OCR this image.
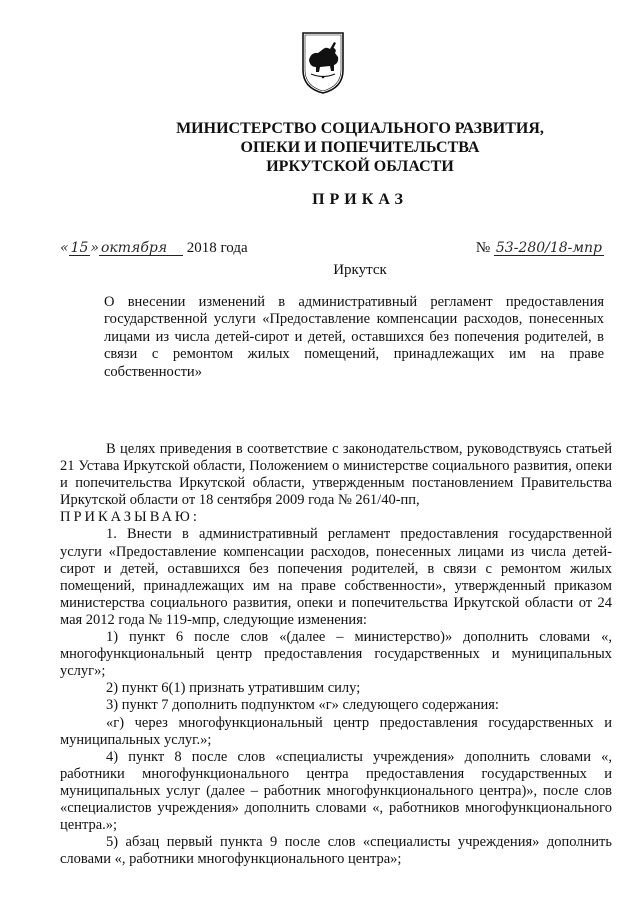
МИНИСТЕРСТВО СОЦИАЛЬНОГО РАЗВИТИЯ,
ОПЕКИ И ПОПЕЧИТЕЛЬСТВА
ИРКУТСКОЙ ОБЛАСТИ
ПРИКАЗ
« 15 » октября 2018 года	№ 53-280/18-мпр
Иркутск
О внесении изменений в административный регламент предоставления государственной услуги «Предоставление компенсации расходов, понесенных лицами из числа детей-сирот и детей, оставшихся без попечения родителей, в связи с ремонтом жилых помещений, принадлежащих им на праве собственности»

В целях приведения в соответствие с законодательством, руководствуясь статьей 21 Устава Иркутской области, Положением о министерстве социального развития, опеки и попечительства Иркутской области, утвержденным постановлением Правительства Иркутской области от 18 сентября 2009 года № 261/40-пп,

ПРИКАЗЫВАЮ:

1. Внести в административный регламент предоставления государственной услуги «Предоставление компенсации расходов, понесенных лицами из числа детей-сирот и детей, оставшихся без попечения родителей, в связи с ремонтом жилых помещений, принадлежащих им на праве собственности», утвержденный приказом министерства социального развития, опеки и попечительства Иркутской области от 24 мая 2012 года № 119-мпр, следующие изменения:

1) пункт 6 после слов «(далее – министерство)» дополнить словами «, многофункциональный центр предоставления государственных и муниципальных услуг»;

2) пункт 6(1) признать утратившим силу;

3) пункт 7 дополнить подпунктом «г» следующего содержания:

«г) через многофункциональный центр предоставления государственных и муниципальных услуг.»;

4) пункт 8 после слов «специалисты учреждения» дополнить словами «, работники многофункционального центра предоставления государственных и муниципальных услуг (далее – работник многофункционального центра)», после слов «специалистов учреждения» дополнить словами «, работников многофункционального центра.»;

5) абзац первый пункта 9 после слов «специалисты учреждения» дополнить словами «, работники многофункционального центра»;
